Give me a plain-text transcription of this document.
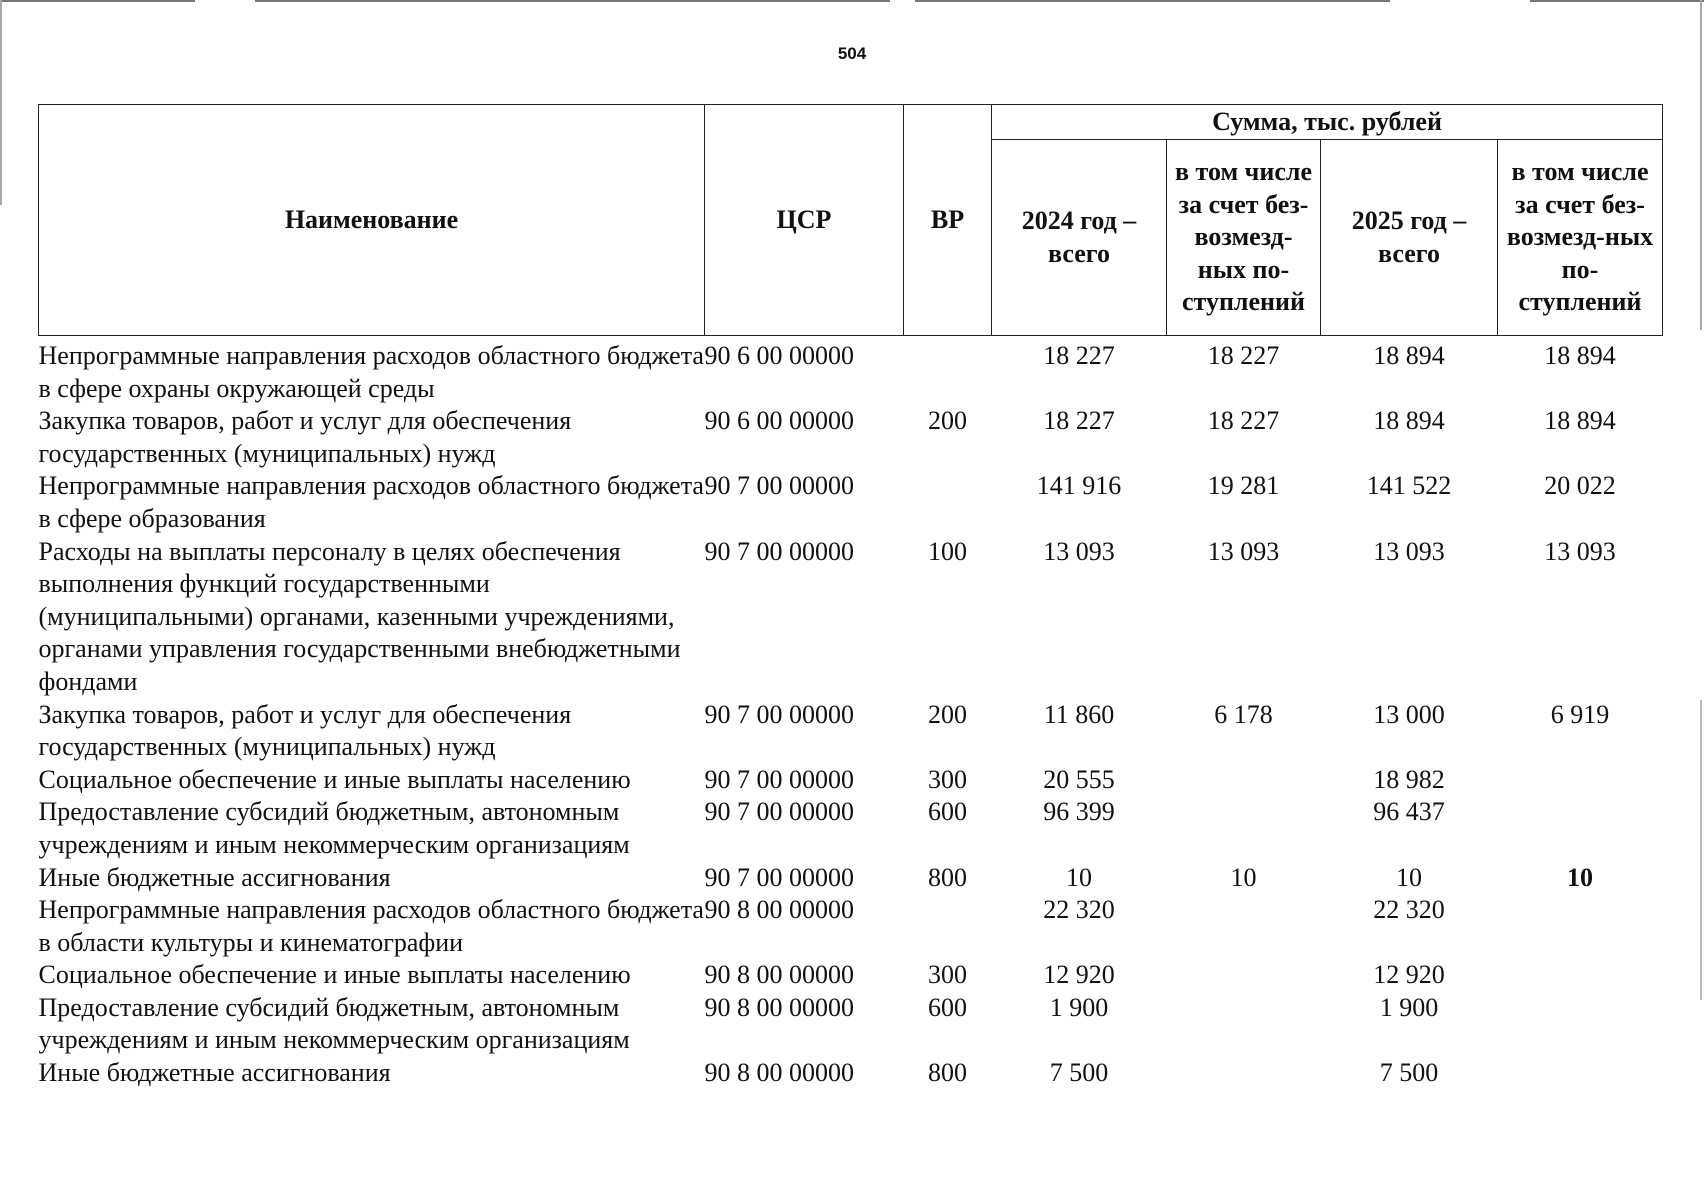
504
Наименование	ЦСР	ВР	Сумма, тыс. рублей			
			2024 год – всего	в том числе за счет без-возмезд-ных по-ступлений	2025 год – всего	в том числе за счет без-возмезд-ных по-ступлений
Непрограммные направления расходов областного бюджета в сфере охраны окружающей среды	90 6 00 00000		18 227	18 227	18 894	18 894
Закупка товаров, работ и услуг для обеспечения государственных (муниципальных) нужд	90 6 00 00000	200	18 227	18 227	18 894	18 894
Непрограммные направления расходов областного бюджета в сфере образования	90 7 00 00000		141 916	19 281	141 522	20 022
Расходы на выплаты персоналу в целях обеспечения выполнения функций государственными (муниципальными) органами, казенными учреждениями, органами управления государственными внебюджетными фондами	90 7 00 00000	100	13 093	13 093	13 093	13 093
Закупка товаров, работ и услуг для обеспечения государственных (муниципальных) нужд	90 7 00 00000	200	11 860	6 178	13 000	6 919
Социальное обеспечение и иные выплаты населению	90 7 00 00000	300	20 555		18 982	
Предоставление субсидий бюджетным, автономным учреждениям и иным некоммерческим организациям	90 7 00 00000	600	96 399		96 437	
Иные бюджетные ассигнования	90 7 00 00000	800	10	10	10	10
Непрограммные направления расходов областного бюджета в области культуры и кинематографии	90 8 00 00000		22 320		22 320	
Социальное обеспечение и иные выплаты населению	90 8 00 00000	300	12 920		12 920	
Предоставление субсидий бюджетным, автономным учреждениям и иным некоммерческим организациям	90 8 00 00000	600	1 900		1 900	
Иные бюджетные ассигнования	90 8 00 00000	800	7 500		7 500	
